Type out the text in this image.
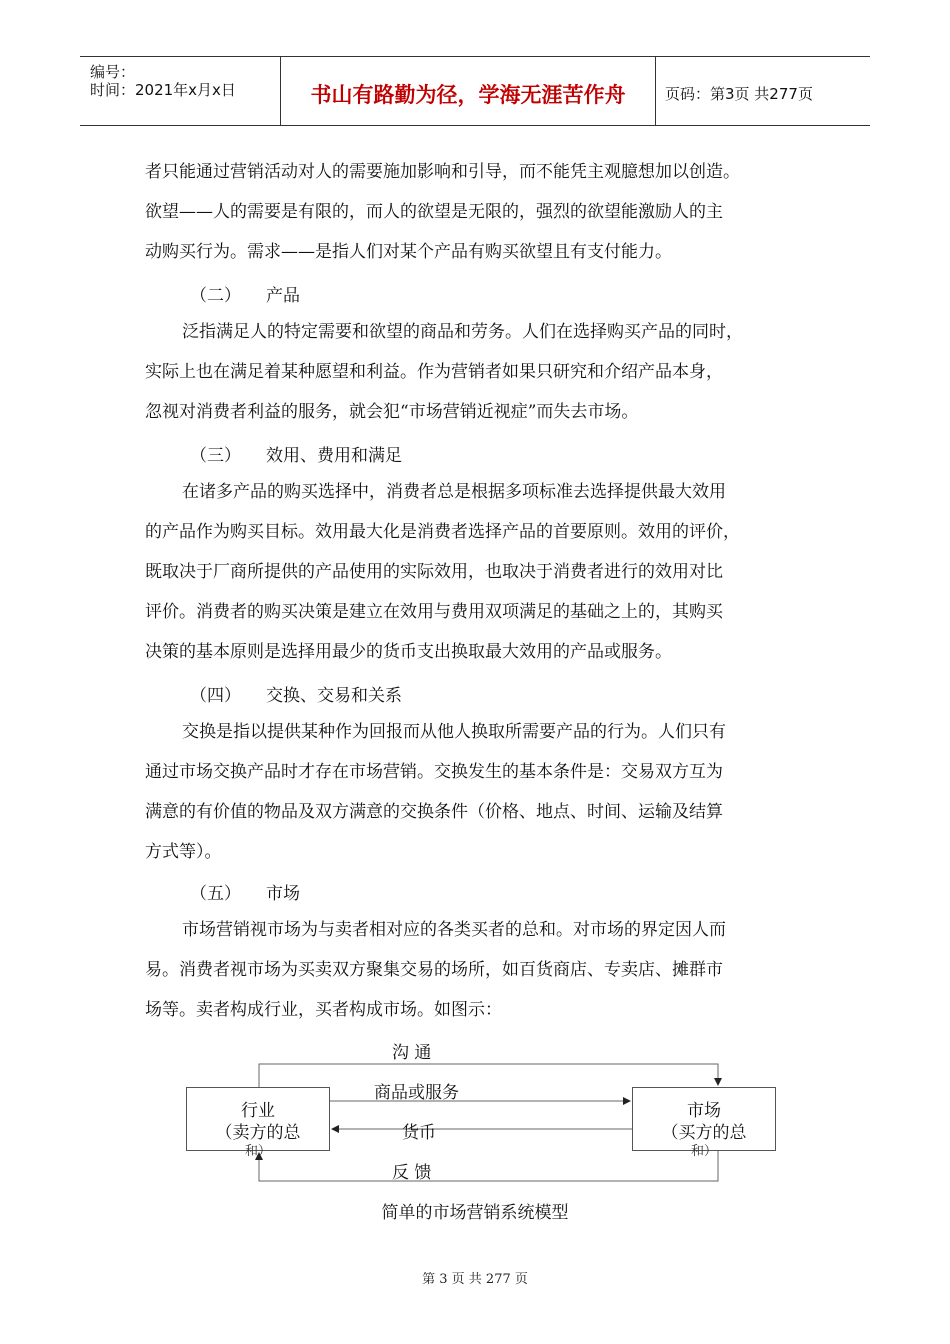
编号：
时间：2021年x月x日	书山有路勤为径，学海无涯苦作舟	页码：第3页 共277页

者只能通过营销活动对人的需要施加影响和引导，而不能凭主观臆想加以创造。

欲望——人的需要是有限的，而人的欲望是无限的，强烈的欲望能激励人的主

动购买行为。需求——是指人们对某个产品有购买欲望且有支付能力。

（二） 产品

泛指满足人的特定需要和欲望的商品和劳务。人们在选择购买产品的同时，

实际上也在满足着某种愿望和利益。作为营销者如果只研究和介绍产品本身，

忽视对消费者利益的服务，就会犯“市场营销近视症”而失去市场。

（三） 效用、费用和满足

在诸多产品的购买选择中，消费者总是根据多项标准去选择提供最大效用

的产品作为购买目标。效用最大化是消费者选择产品的首要原则。效用的评价，

既取决于厂商所提供的产品使用的实际效用，也取决于消费者进行的效用对比

评价。消费者的购买决策是建立在效用与费用双项满足的基础之上的，其购买

决策的基本原则是选择用最少的货币支出换取最大效用的产品或服务。

（四） 交换、交易和关系

交换是指以提供某种作为回报而从他人换取所需要产品的行为。人们只有

通过市场交换产品时才存在市场营销。交换发生的基本条件是：交易双方互为

满意的有价值的物品及双方满意的交换条件（价格、地点、时间、运输及结算

方式等）。

（五） 市场

市场营销视市场为与卖者相对应的各类买者的总和。对市场的界定因人而

易。消费者视市场为买卖双方聚集交易的场所，如百货商店、专卖店、摊群市

场等。卖者构成行业，买者构成市场。如图示：

沟 通
商品或服务
货币
反 馈
行业
（卖方的总
和）
市场
（买方的总
和）
简单的市场营销系统模型
第 3 页 共 277 页
